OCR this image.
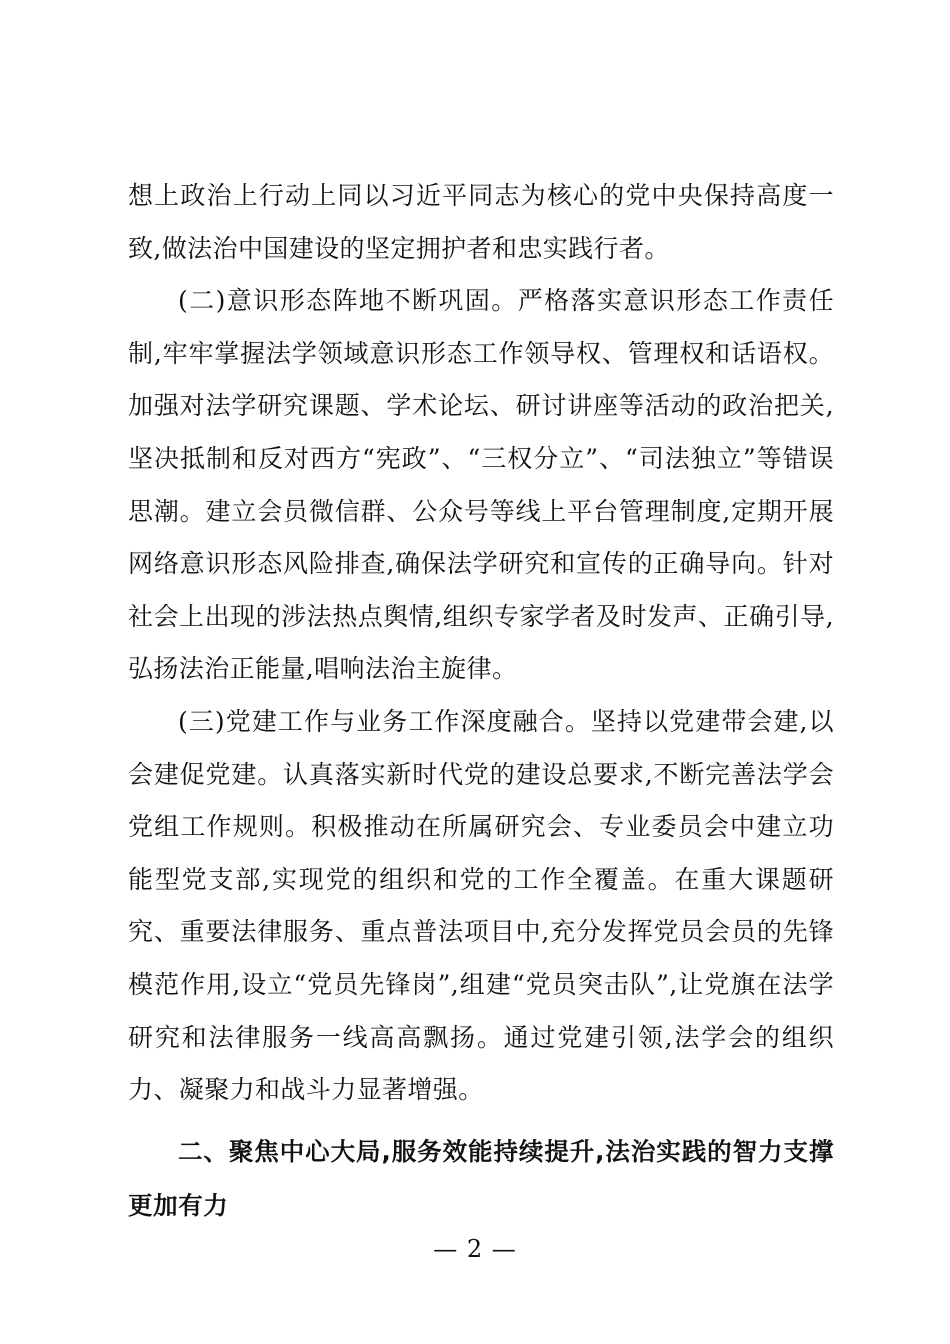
想上政治上行动上同以习近平同志为核心的党中央保持高度一致,做法治中国建设的坚定拥护者和忠实践行者。

(二)意识形态阵地不断巩固。严格落实意识形态工作责任制,牢牢掌握法学领域意识形态工作领导权、管理权和话语权。加强对法学研究课题、学术论坛、研讨讲座等活动的政治把关,坚决抵制和反对西方“宪政”、“三权分立”、“司法独立”等错误思潮。建立会员微信群、公众号等线上平台管理制度,定期开展网络意识形态风险排查,确保法学研究和宣传的正确导向。针对社会上出现的涉法热点舆情,组织专家学者及时发声、正确引导,弘扬法治正能量,唱响法治主旋律。

(三)党建工作与业务工作深度融合。坚持以党建带会建,以会建促党建。认真落实新时代党的建设总要求,不断完善法学会党组工作规则。积极推动在所属研究会、专业委员会中建立功能型党支部,实现党的组织和党的工作全覆盖。在重大课题研究、重要法律服务、重点普法项目中,充分发挥党员会员的先锋模范作用,设立“党员先锋岗”,组建“党员突击队”,让党旗在法学研究和法律服务一线高高飘扬。通过党建引领,法学会的组织力、凝聚力和战斗力显著增强。

二、聚焦中心大局,服务效能持续提升,法治实践的智力支撑更加有力

— 2 —
